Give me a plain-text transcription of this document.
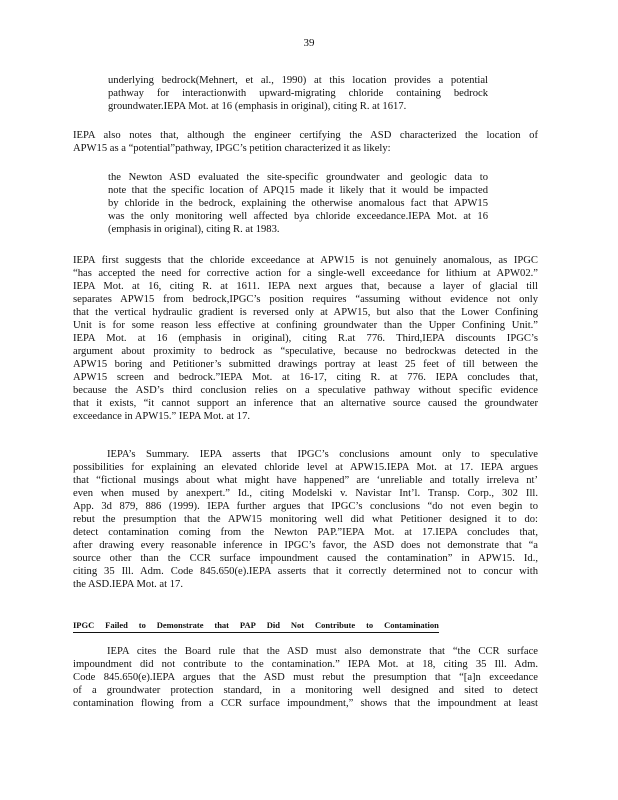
39
underlying bedrock(Mehnert, et al., 1990) at this location provides a potential
pathway for interactionwith upward-migrating chloride containing bedrock
groundwater.IEPA Mot. at 16 (emphasis in original), citing R. at 1617.
IEPA also notes that, although the engineer certifying the ASD characterized the location of
APW15 as a “potential”pathway, IPGC’s petition characterized it as likely:
the Newton ASD evaluated the site-specific groundwater and geologic data to
note that the specific location of APQ15 made it likely that it would be impacted
by chloride in the bedrock, explaining the otherwise anomalous fact that APW15
was the only monitoring well affected bya chloride exceedance.IEPA Mot. at 16
(emphasis in original), citing R. at 1983.
IEPA first suggests that the chloride exceedance at APW15 is not genuinely anomalous, as IPGC
“has accepted the need for corrective action for a single-well exceedance for lithium at APW02.”
IEPA Mot. at 16, citing R. at 1611. IEPA next argues that, because a layer of glacial till
separates APW15 from bedrock,IPGC’s position requires “assuming without evidence not only
that the vertical hydraulic gradient is reversed only at APW15, but also that the Lower Confining
Unit is for some reason less effective at confining groundwater than the Upper Confining Unit.”
IEPA Mot. at 16 (emphasis in original), citing R.at 776. Third,IEPA discounts IPGC’s
argument about proximity to bedrock as “speculative, because no bedrockwas detected in the
APW15 boring and Petitioner’s submitted drawings portray at least 25 feet of till between the
APW15 screen and bedrock.”IEPA Mot. at 16-17, citing R. at 776. IEPA concludes that,
because the ASD’s third conclusion relies on a speculative pathway without specific evidence
that it exists, “it cannot support an inference that an alternative source caused the groundwater
exceedance in APW15.” IEPA Mot. at 17.
IEPA’s Summary. IEPA asserts that IPGC’s conclusions amount only to speculative
possibilities for explaining an elevated chloride level at APW15.IEPA Mot. at 17. IEPA argues
that “fictional musings about what might have happened” are ‘unreliable and totally irreleva nt’
even when mused by anexpert.” Id., citing Modelski v. Navistar Int’l. Transp. Corp., 302 Ill.
App. 3d 879, 886 (1999). IEPA further argues that IPGC’s conclusions “do not even begin to
rebut the presumption that the APW15 monitoring well did what Petitioner designed it to do:
detect contamination coming from the Newton PAP.”IEPA Mot. at 17.IEPA concludes that,
after drawing every reasonable inference in IPGC’s favor, the ASD does not demonstrate that “a
source other than the CCR surface impoundment caused the contamination” in APW15. Id.,
citing 35 Ill. Adm. Code 845.650(e).IEPA asserts that it correctly determined not to concur with
the ASD.IEPA Mot. at 17.
IPGC Failed to Demonstrate that PAP Did Not Contribute to Contamination
IEPA cites the Board rule that the ASD must also demonstrate that “the CCR surface
impoundment did not contribute to the contamination.” IEPA Mot. at 18, citing 35 Ill. Adm.
Code 845.650(e).IEPA argues that the ASD must rebut the presumption that “[a]n exceedance
of a groundwater protection standard, in a monitoring well designed and sited to detect
contamination flowing from a CCR surface impoundment,” shows that the impoundment at least
